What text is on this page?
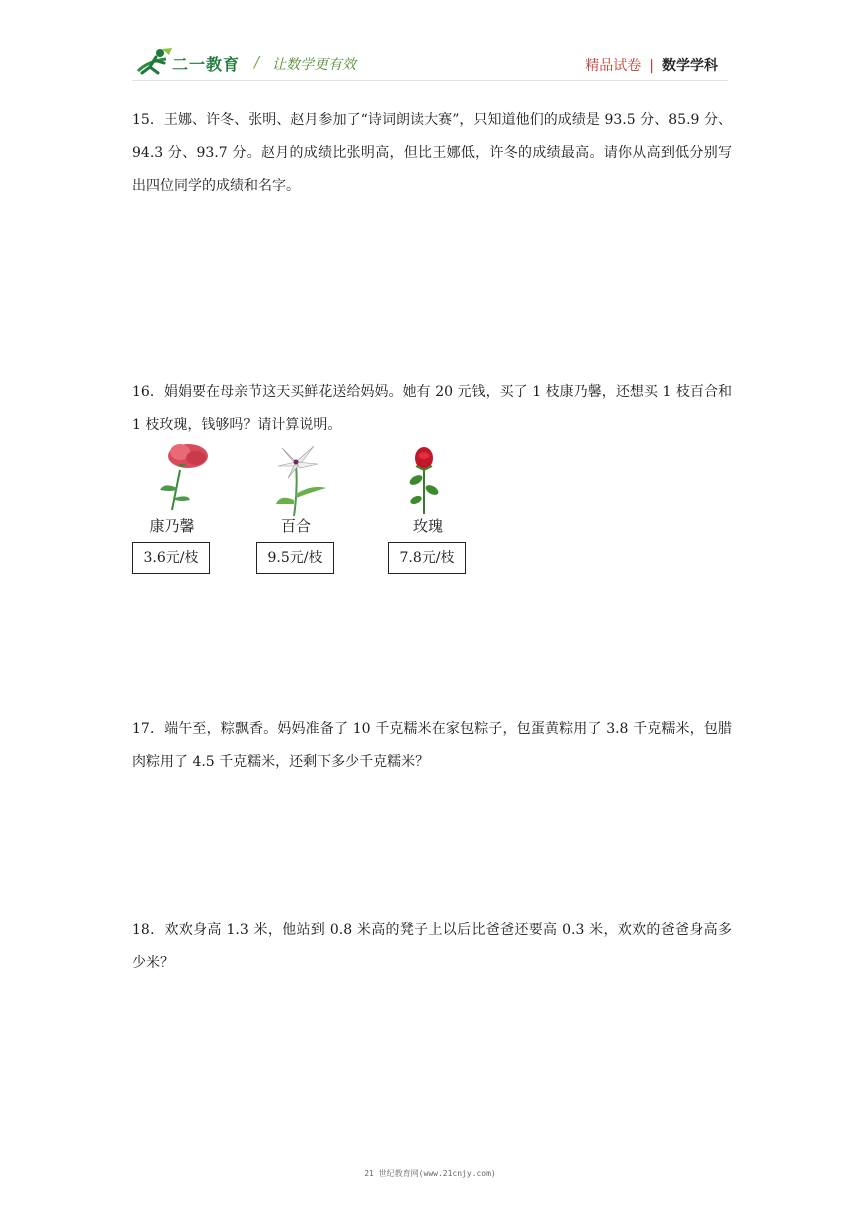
二一教育 / 让数学更有效	精品试卷 | 数学学科
15．王娜、许冬、张明、赵月参加了“诗词朗读大赛”，只知道他们的成绩是 93.5 分、85.9 分、94.3 分、93.7 分。赵月的成绩比张明高，但比王娜低，许冬的成绩最高。请你从高到低分别写出四位同学的成绩和名字。
16．娟娟要在母亲节这天买鲜花送给妈妈。她有 20 元钱，买了 1 枝康乃馨，还想买 1 枝百合和 1 枝玫瑰，钱够吗？请计算说明。
康乃馨	百合	玫瑰
3.6元/枝	9.5元/枝	7.8元/枝
17．端午至，粽飘香。妈妈准备了 10 千克糯米在家包粽子，包蛋黄粽用了 3.8 千克糯米，包腊肉粽用了 4.5 千克糯米，还剩下多少千克糯米？
18．欢欢身高 1.3 米，他站到 0.8 米高的凳子上以后比爸爸还要高 0.3 米，欢欢的爸爸身高多少米？
21 世纪教育网(www.21cnjy.com)
